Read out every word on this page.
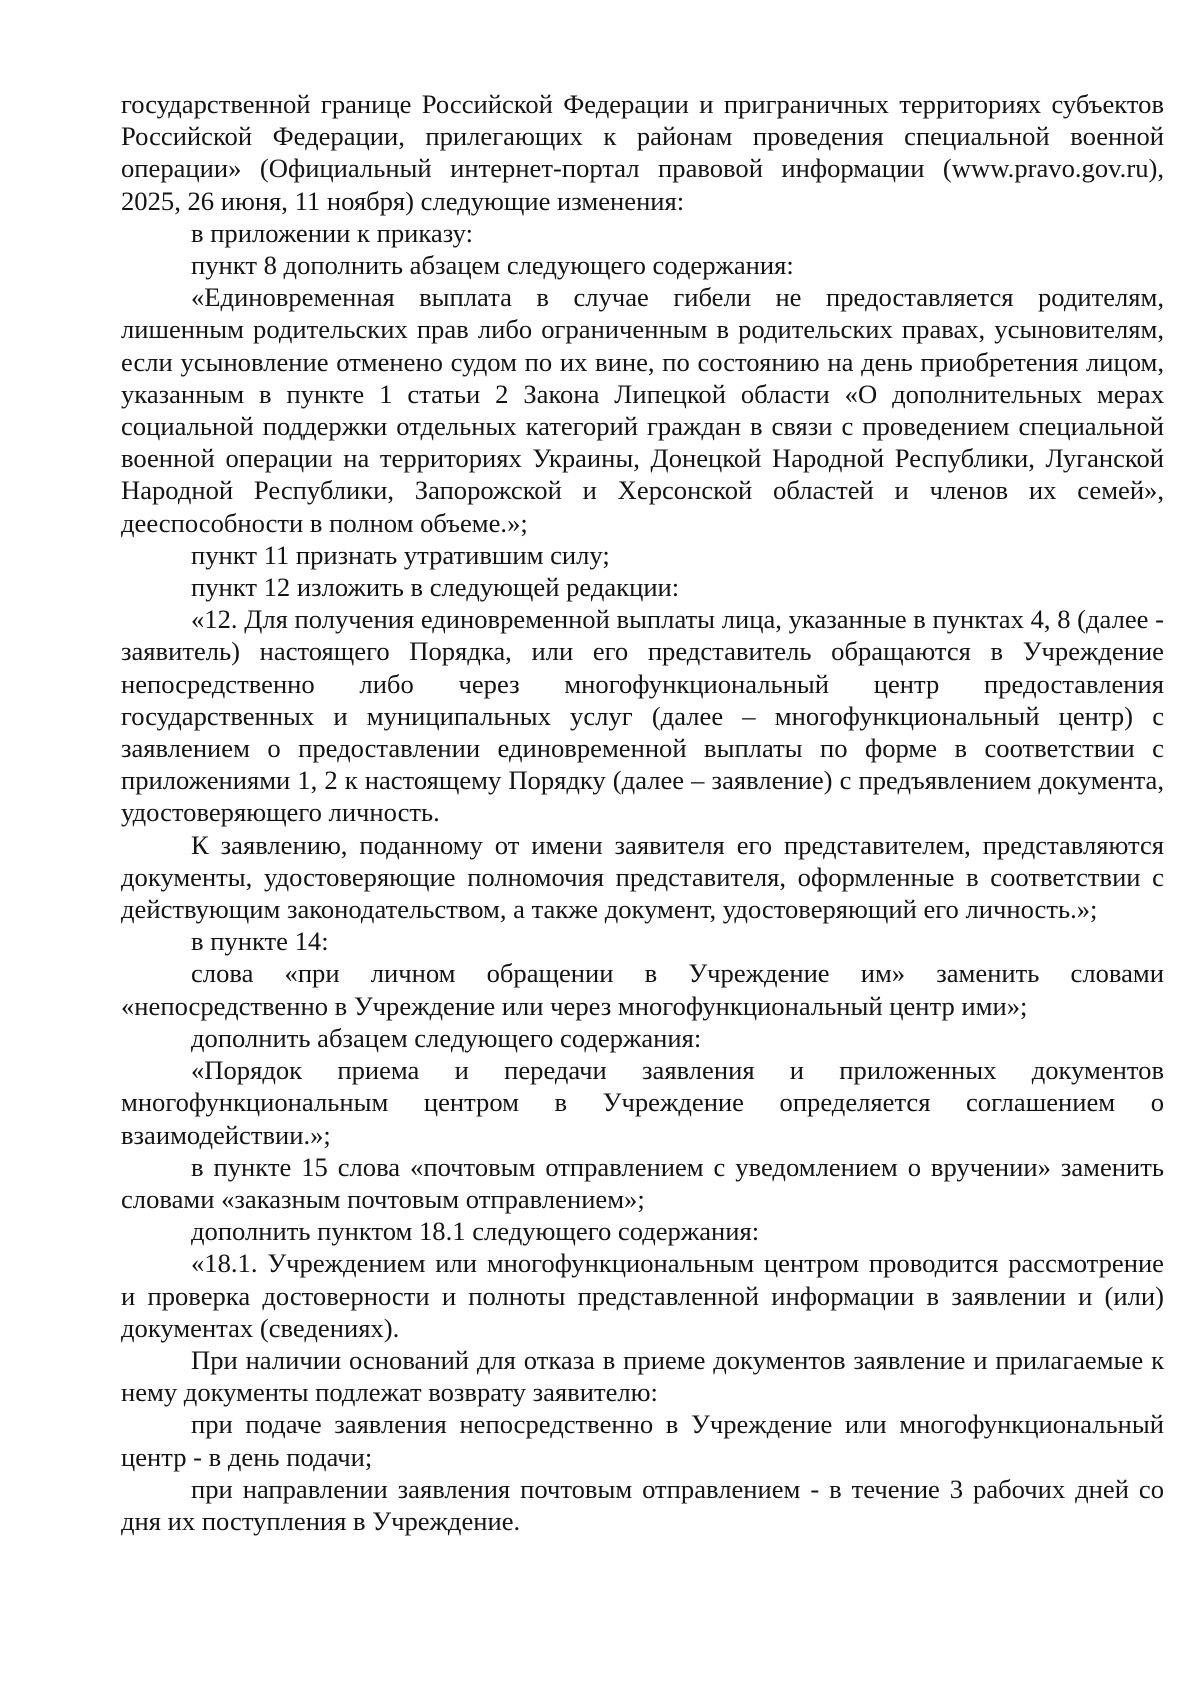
государственной границе Российской Федерации и приграничных территориях субъектов Российской Федерации, прилегающих к районам проведения специальной военной операции» (Официальный интернет-портал правовой информации (www.pravo.gov.ru), 2025, 26 июня, 11 ноября) следующие изменения:

в приложении к приказу:

пункт 8 дополнить абзацем следующего содержания:

«Единовременная выплата в случае гибели не предоставляется родителям, лишенным родительских прав либо ограниченным в родительских правах, усыновителям, если усыновление отменено судом по их вине, по состоянию на день приобретения лицом, указанным в пункте 1 статьи 2 Закона Липецкой области «О дополнительных мерах социальной поддержки отдельных категорий граждан в связи с проведением специальной военной операции на территориях Украины, Донецкой Народной Республики, Луганской Народной Республики, Запорожской и Херсонской областей и членов их семей», дееспособности в полном объеме.»;

пункт 11 признать утратившим силу;

пункт 12 изложить в следующей редакции:

«12. Для получения единовременной выплаты лица, указанные в пунктах 4, 8 (далее - заявитель) настоящего Порядка, или его представитель обращаются в Учреждение непосредственно либо через многофункциональный центр предоставления государственных и муниципальных услуг (далее – многофункциональный центр) с заявлением о предоставлении единовременной выплаты по форме в соответствии с приложениями 1, 2 к настоящему Порядку (далее – заявление) с предъявлением документа, удостоверяющего личность.

К заявлению, поданному от имени заявителя его представителем, представляются документы, удостоверяющие полномочия представителя, оформленные в соответствии с действующим законодательством, а также документ, удостоверяющий его личность.»;

в пункте 14:

слова «при личном обращении в Учреждение им» заменить словами «непосредственно в Учреждение или через многофункциональный центр ими»;

дополнить абзацем следующего содержания:

«Порядок приема и передачи заявления и приложенных документов многофункциональным центром в Учреждение определяется соглашением о взаимодействии.»;

в пункте 15 слова «почтовым отправлением с уведомлением о вручении» заменить словами «заказным почтовым отправлением»;

дополнить пунктом 18.1 следующего содержания:

«18.1. Учреждением или многофункциональным центром проводится рассмотрение и проверка достоверности и полноты представленной информации в заявлении и (или) документах (сведениях).

При наличии оснований для отказа в приеме документов заявление и прилагаемые к нему документы подлежат возврату заявителю:

при подаче заявления непосредственно в Учреждение или многофункциональный центр - в день подачи;

при направлении заявления почтовым отправлением - в течение 3 рабочих дней со дня их поступления в Учреждение.
